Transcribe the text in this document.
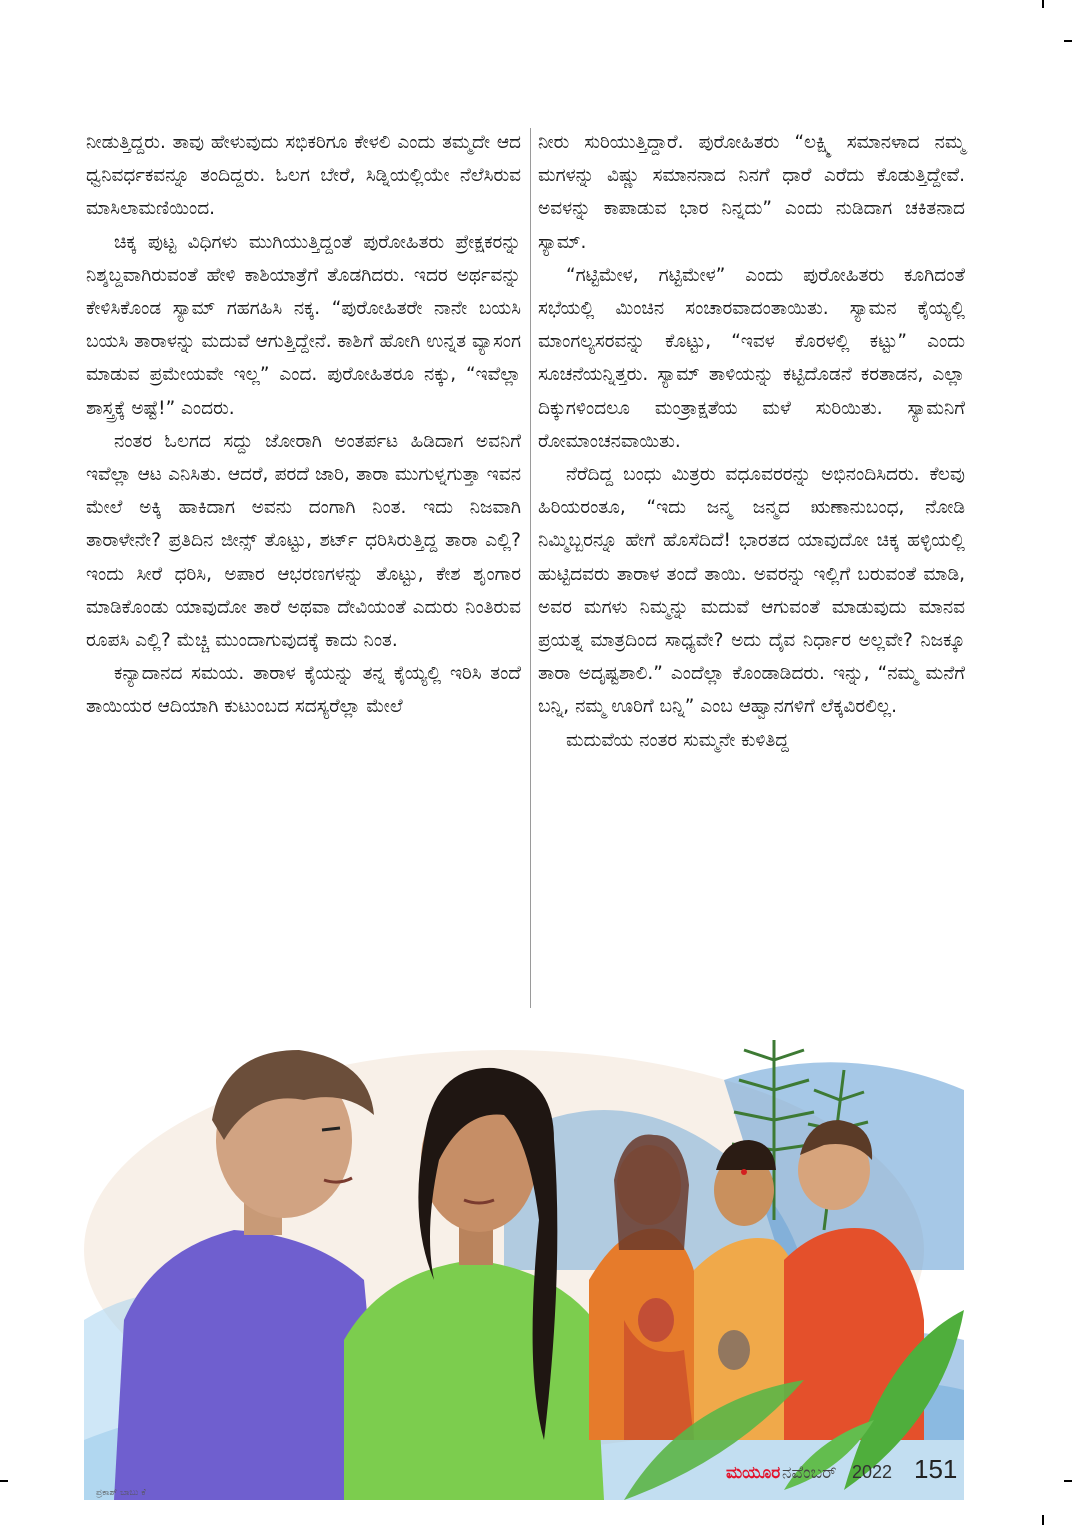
ನೀಡುತ್ತಿದ್ದರು. ತಾವು ಹೇಳುವುದು ಸಭಿಕರಿಗೂ ಕೇಳಲಿ ಎಂದು ತಮ್ಮದೇ ಆದ ಧ್ವನಿವರ್ಧಕವನ್ನೂ ತಂದಿದ್ದರು. ಓಲಗ ಬೇರೆ, ಸಿಡ್ನಿಯಲ್ಲಿಯೇ ನೆಲೆಸಿರುವ ಮಾಸಿಲಾಮಣಿಯಿಂದ.

ಚಿಕ್ಕ ಪುಟ್ಟ ವಿಧಿಗಳು ಮುಗಿಯುತ್ತಿದ್ದಂತೆ ಪುರೋಹಿತರು ಪ್ರೇಕ್ಷಕರನ್ನು ನಿಶ್ಶಬ್ದವಾಗಿರುವಂತೆ ಹೇಳಿ ಕಾಶಿಯಾತ್ರೆಗೆ ತೊಡಗಿದರು. ಇದರ ಅರ್ಥವನ್ನು ಕೇಳಿಸಿಕೊಂಡ ಸ್ಯಾಮ್ ಗಹಗಹಿಸಿ ನಕ್ಕ. “ಪುರೋಹಿತರೇ ನಾನೇ ಬಯಸಿ ಬಯಸಿ ತಾರಾಳನ್ನು ಮದುವೆ ಆಗುತ್ತಿದ್ದೇನೆ. ಕಾಶಿಗೆ ಹೋಗಿ ಉನ್ನತ ವ್ಯಾಸಂಗ ಮಾಡುವ ಪ್ರಮೇಯವೇ ಇಲ್ಲ” ಎಂದ. ಪುರೋಹಿತರೂ ನಕ್ಕು, “ಇವೆಲ್ಲಾ ಶಾಸ್ತ್ರಕ್ಕೆ ಅಷ್ಟೆ!” ಎಂದರು.

ನಂತರ ಓಲಗದ ಸದ್ದು ಜೋರಾಗಿ ಅಂತರ್ಪಟ ಹಿಡಿದಾಗ ಅವನಿಗೆ ಇವೆಲ್ಲಾ ಆಟ ಎನಿಸಿತು. ಆದರೆ, ಪರದೆ ಜಾರಿ, ತಾರಾ ಮುಗುಳ್ನಗುತ್ತಾ ಇವನ ಮೇಲೆ ಅಕ್ಕಿ ಹಾಕಿದಾಗ ಅವನು ದಂಗಾಗಿ ನಿಂತ. ಇದು ನಿಜವಾಗಿ ತಾರಾಳೇನೇ? ಪ್ರತಿದಿನ ಜೀನ್ಸ್ ತೊಟ್ಟು, ಶರ್ಟ್ ಧರಿಸಿರುತ್ತಿದ್ದ ತಾರಾ ಎಲ್ಲಿ? ಇಂದು ಸೀರೆ ಧರಿಸಿ, ಅಪಾರ ಆಭರಣಗಳನ್ನು ತೊಟ್ಟು, ಕೇಶ ಶೃಂಗಾರ ಮಾಡಿಕೊಂಡು ಯಾವುದೋ ತಾರೆ ಅಥವಾ ದೇವಿಯಂತೆ ಎದುರು ನಿಂತಿರುವ ರೂಪಸಿ ಎಲ್ಲಿ? ಮೆಚ್ಚಿ ಮುಂದಾಗುವುದಕ್ಕೆ ಕಾದು ನಿಂತ.

ಕನ್ಯಾದಾನದ ಸಮಯ. ತಾರಾಳ ಕೈಯನ್ನು ತನ್ನ ಕೈಯ್ಯಲ್ಲಿ ಇರಿಸಿ ತಂದೆ ತಾಯಿಯರ ಆದಿಯಾಗಿ ಕುಟುಂಬದ ಸದಸ್ಯರೆಲ್ಲಾ ಮೇಲೆ

ನೀರು ಸುರಿಯುತ್ತಿದ್ದಾರೆ. ಪುರೋಹಿತರು “ಲಕ್ಷ್ಮಿ ಸಮಾನಳಾದ ನಮ್ಮ ಮಗಳನ್ನು ವಿಷ್ಣು ಸಮಾನನಾದ ನಿನಗೆ ಧಾರೆ ಎರೆದು ಕೊಡುತ್ತಿದ್ದೇವೆ. ಅವಳನ್ನು ಕಾಪಾಡುವ ಭಾರ ನಿನ್ನದು” ಎಂದು ನುಡಿದಾಗ ಚಕಿತನಾದ ಸ್ಯಾಮ್.

“ಗಟ್ಟಿಮೇಳ, ಗಟ್ಟಿಮೇಳ” ಎಂದು ಪುರೋಹಿತರು ಕೂಗಿದಂತೆ ಸಭೆಯಲ್ಲಿ ಮಿಂಚಿನ ಸಂಚಾರವಾದಂತಾಯಿತು. ಸ್ಯಾಮನ ಕೈಯ್ಯಲ್ಲಿ ಮಾಂಗಲ್ಯಸರವನ್ನು ಕೊಟ್ಟು, “ಇವಳ ಕೊರಳಲ್ಲಿ ಕಟ್ಟು” ಎಂದು ಸೂಚನೆಯನ್ನಿತ್ತರು. ಸ್ಯಾಮ್ ತಾಳಿಯನ್ನು ಕಟ್ಟಿದೊಡನೆ ಕರತಾಡನ, ಎಲ್ಲಾ ದಿಕ್ಕುಗಳಿಂದಲೂ ಮಂತ್ರಾಕ್ಷತೆಯ ಮಳೆ ಸುರಿಯಿತು. ಸ್ಯಾಮನಿಗೆ ರೋಮಾಂಚನವಾಯಿತು.

ನೆರೆದಿದ್ದ ಬಂಧು ಮಿತ್ರರು ವಧೂವರರನ್ನು ಅಭಿನಂದಿಸಿದರು. ಕೆಲವು ಹಿರಿಯರಂತೂ, “ಇದು ಜನ್ಮ ಜನ್ಮದ ಋಣಾನುಬಂಧ, ನೋಡಿ ನಿಮ್ಮಿಬ್ಬರನ್ನೂ ಹೇಗೆ ಹೊಸೆದಿದೆ! ಭಾರತದ ಯಾವುದೋ ಚಿಕ್ಕ ಹಳ್ಳಿಯಲ್ಲಿ ಹುಟ್ಟಿದವರು ತಾರಾಳ ತಂದೆ ತಾಯಿ. ಅವರನ್ನು ಇಲ್ಲಿಗೆ ಬರುವಂತೆ ಮಾಡಿ, ಅವರ ಮಗಳು ನಿಮ್ಮನ್ನು ಮದುವೆ ಆಗುವಂತೆ ಮಾಡುವುದು ಮಾನವ ಪ್ರಯತ್ನ ಮಾತ್ರದಿಂದ ಸಾಧ್ಯವೇ? ಅದು ದೈವ ನಿರ್ಧಾರ ಅಲ್ಲವೇ? ನಿಜಕ್ಕೂ ತಾರಾ ಅದೃಷ್ಟಶಾಲಿ.” ಎಂದೆಲ್ಲಾ ಕೊಂಡಾಡಿದರು. ಇನ್ನು, “ನಮ್ಮ ಮನೆಗೆ ಬನ್ನಿ, ನಮ್ಮ ಊರಿಗೆ ಬನ್ನಿ” ಎಂಬ ಆಹ್ವಾನಗಳಿಗೆ ಲೆಕ್ಕವಿರಲಿಲ್ಲ.

ಮದುವೆಯ ನಂತರ ಸುಮ್ಮನೇ ಕುಳಿತಿದ್ದ

ಪ್ರಕಾಶ್ ಬಾಬು ಕೆ
ಮಯೂರ ನವೆಂಬರ್ 2022 151
